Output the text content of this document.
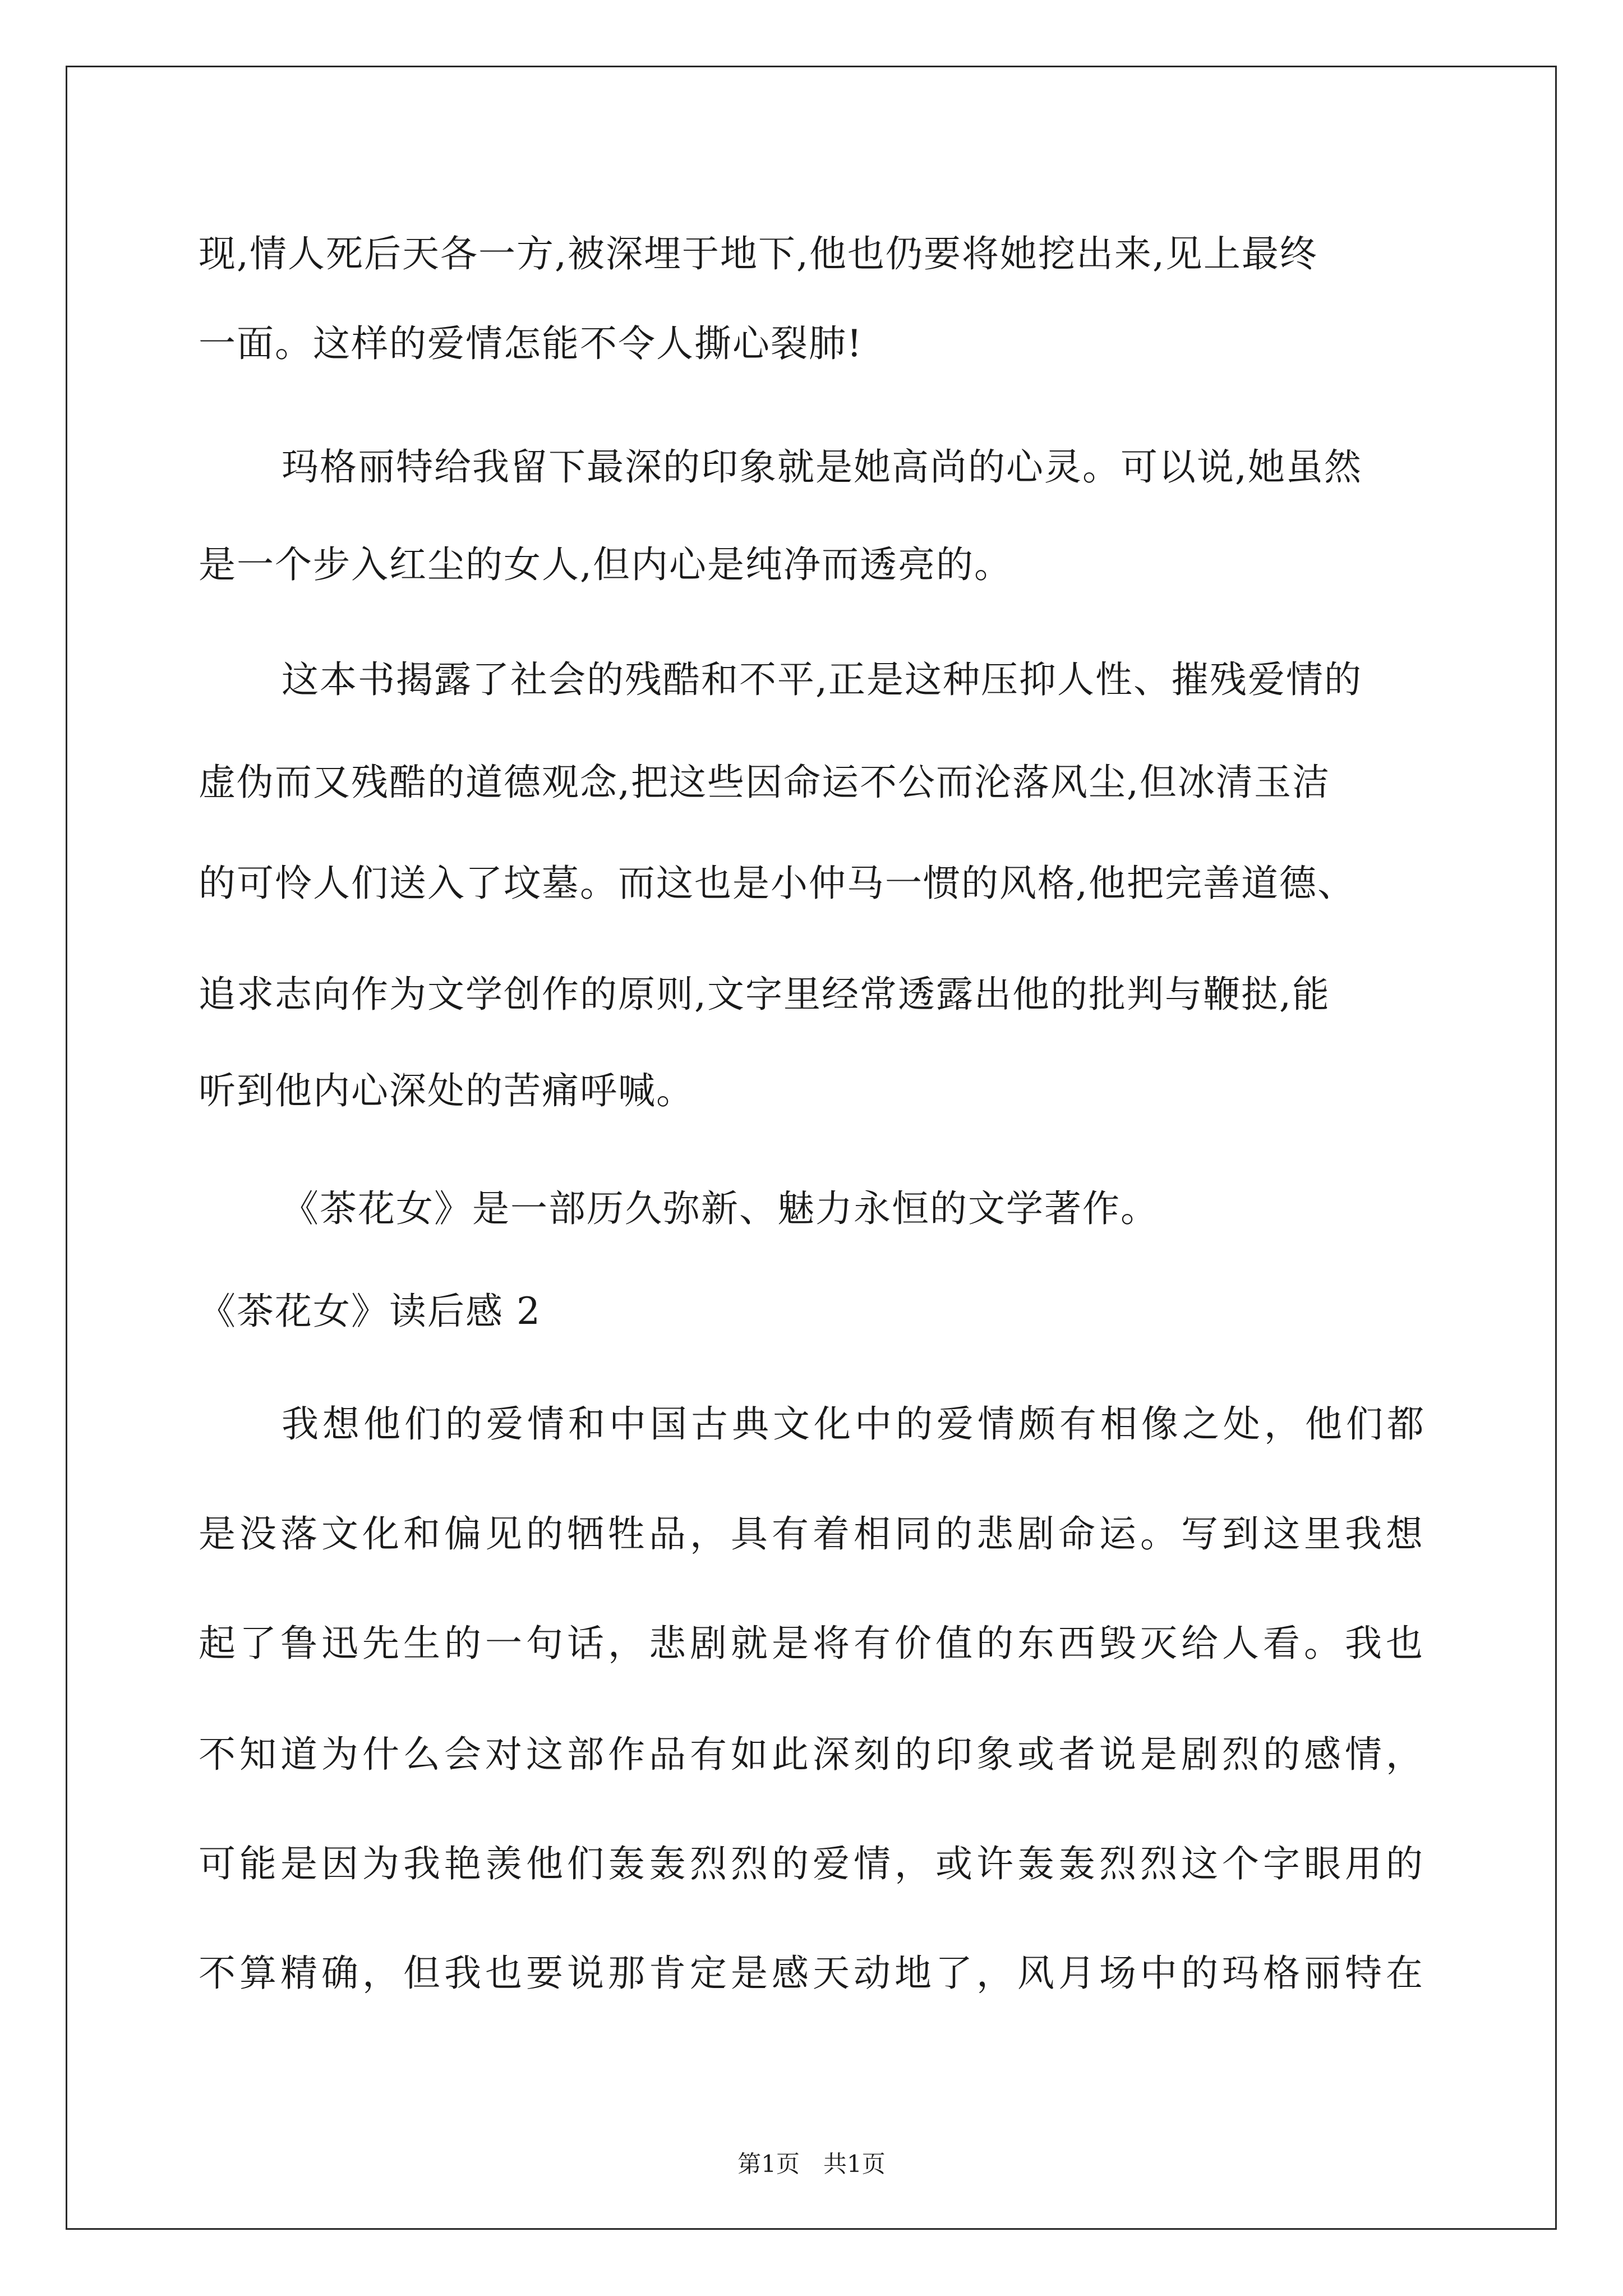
现,情人死后天各一方,被深埋于地下,他也仍要将她挖出来,见上最终
一面。这样的爱情怎能不令人撕心裂肺!
玛格丽特给我留下最深的印象就是她高尚的心灵。可以说,她虽然
是一个步入红尘的女人,但内心是纯净而透亮的。
这本书揭露了社会的残酷和不平,正是这种压抑人性、摧残爱情的
虚伪而又残酷的道德观念,把这些因命运不公而沦落风尘,但冰清玉洁
的可怜人们送入了坟墓。而这也是小仲马一惯的风格,他把完善道德、
追求志向作为文学创作的原则,文字里经常透露出他的批判与鞭挞,能
听到他内心深处的苦痛呼喊。
《茶花女》是一部历久弥新、魅力永恒的文学著作。
《茶花女》读后感 2
我想他们的爱情和中国古典文化中的爱情颇有相像之处，他们都
是没落文化和偏见的牺牲品，具有着相同的悲剧命运。写到这里我想
起了鲁迅先生的一句话，悲剧就是将有价值的东西毁灭给人看。我也
不知道为什么会对这部作品有如此深刻的印象或者说是剧烈的感情，
可能是因为我艳羡他们轰轰烈烈的爱情，或许轰轰烈烈这个字眼用的
不算精确，但我也要说那肯定是感天动地了，风月场中的玛格丽特在
第1页　共1页
